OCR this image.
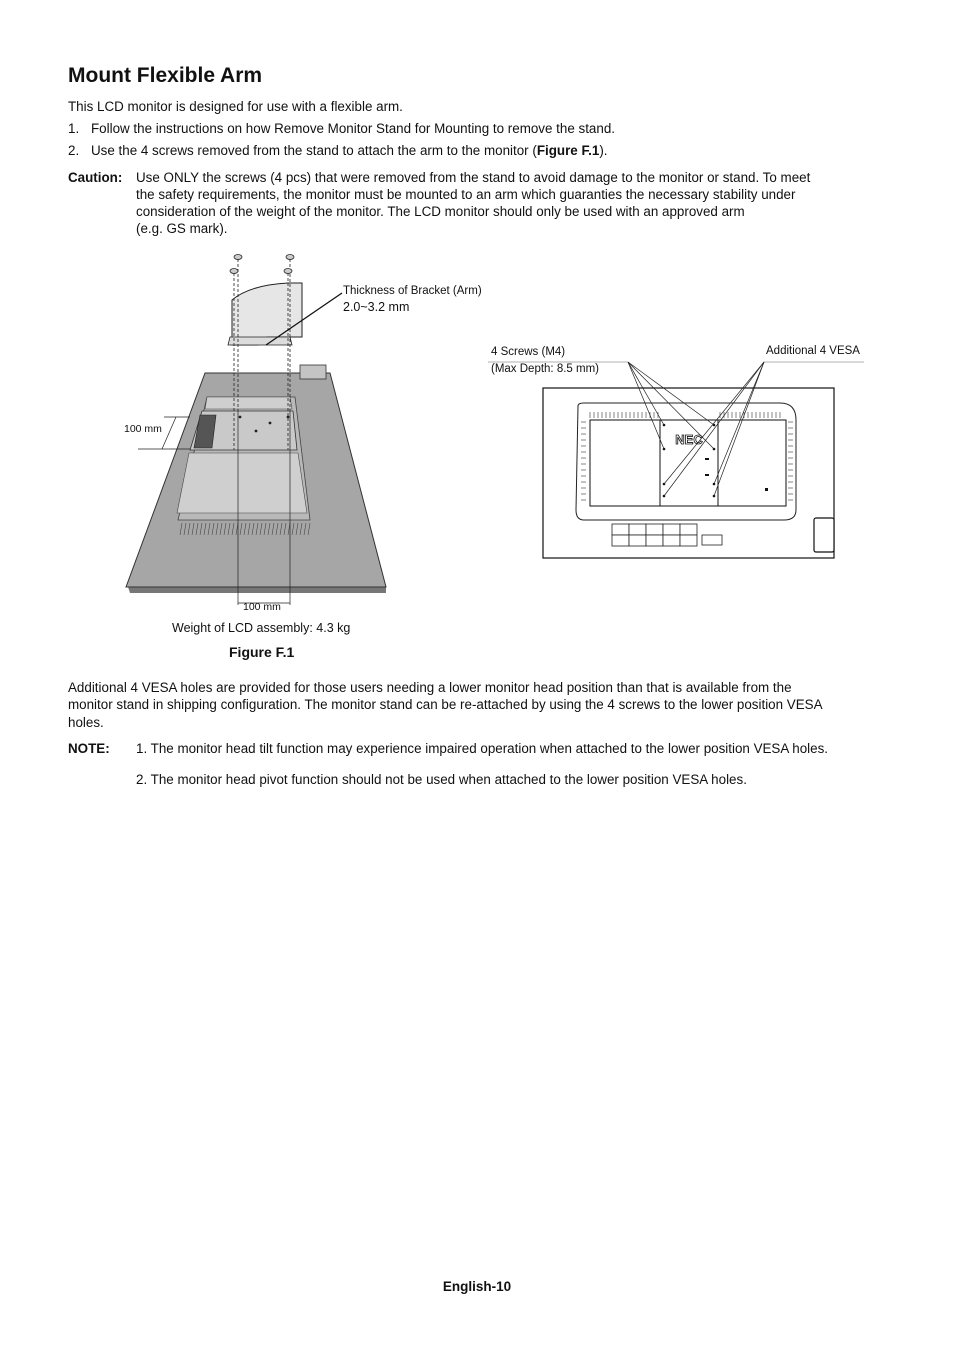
Mount Flexible Arm

This LCD monitor is designed for use with a flexible arm.

1. Follow the instructions on how Remove Monitor Stand for Mounting to remove the stand.

2. Use the 4 screws removed from the stand to attach the arm to the monitor (Figure F.1).

Caution: Use ONLY the screws (4 pcs) that were removed from the stand to avoid damage to the monitor or stand. To meet

the safety requirements, the monitor must be mounted to an arm which guaranties the necessary stability under

consideration of the weight of the monitor. The LCD monitor should only be used with an approved arm

(e.g. GS mark).

Thickness of Bracket (Arm)
2.0~3.2 mm
100 mm
100 mm
Weight of LCD assembly: 4.3 kg
Figure F.1
NEC
4 Screws (M4)
(Max Depth: 8.5 mm)
Additional 4 VESA

Additional 4 VESA holes are provided for those users needing a lower monitor head position than that is available from the

monitor stand in shipping configuration. The monitor stand can be re-attached by using the 4 screws to the lower position VESA

holes.

NOTE: 1. The monitor head tilt function may experience impaired operation when attached to the lower position VESA holes.

2. The monitor head pivot function should not be used when attached to the lower position VESA holes.

English-10
